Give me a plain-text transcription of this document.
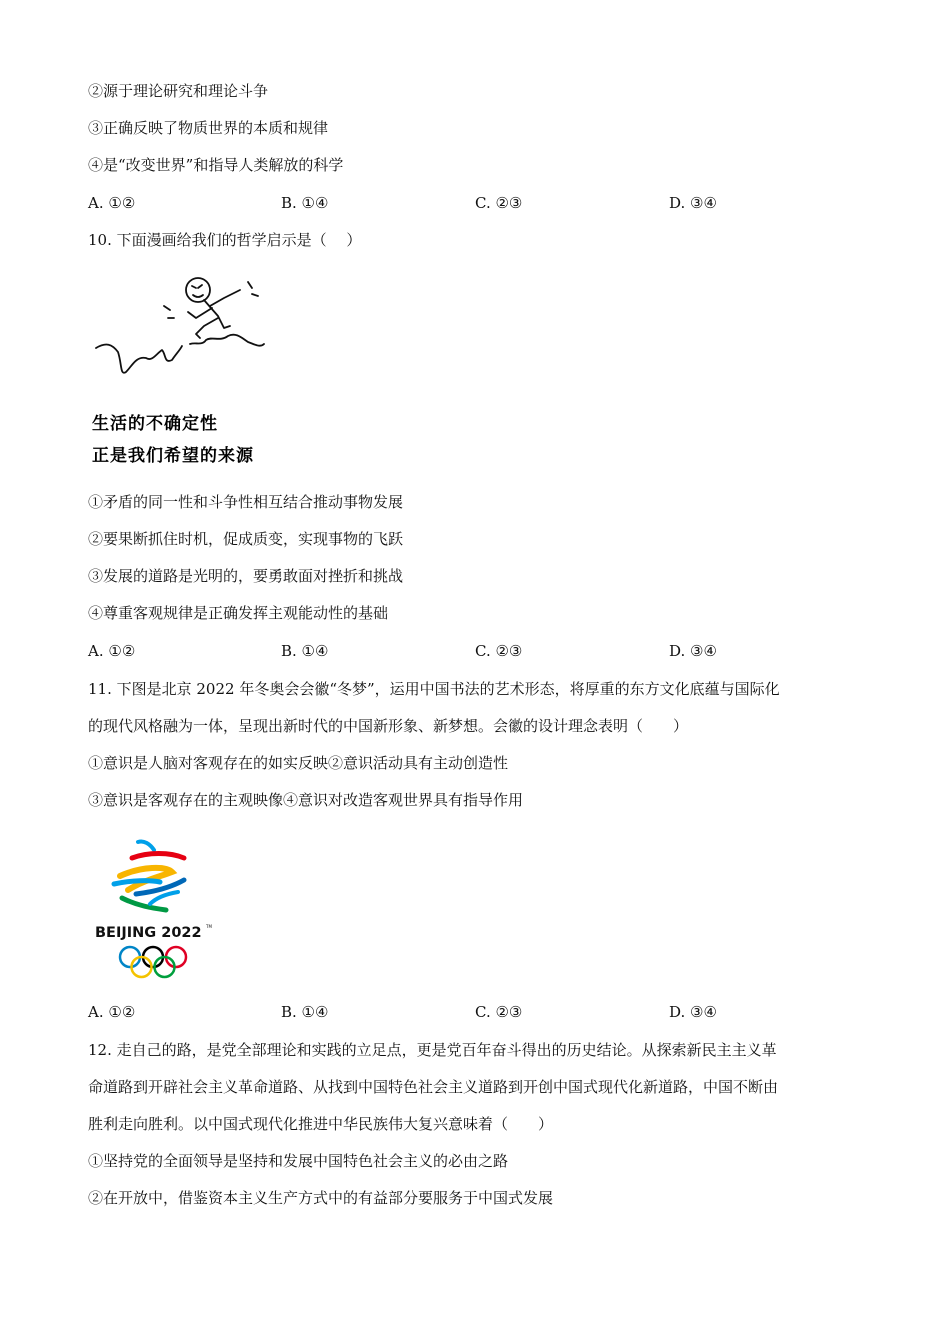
②源于理论研究和理论斗争
③正确反映了物质世界的本质和规律
④是“改变世界”和指导人类解放的科学
A. ①②	B. ①④	C. ②③	D. ③④
10. 下面漫画给我们的哲学启示是（　 ）
生活的不确定性
正是我们希望的来源
①矛盾的同一性和斗争性相互结合推动事物发展
②要果断抓住时机，促成质变，实现事物的飞跃
③发展的道路是光明的，要勇敢面对挫折和挑战
④尊重客观规律是正确发挥主观能动性的基础
A. ①②	B. ①④	C. ②③	D. ③④
11. 下图是北京 2022 年冬奥会会徽“冬梦”，运用中国书法的艺术形态，将厚重的东方文化底蕴与国际化
的现代风格融为一体，呈现出新时代的中国新形象、新梦想。会徽的设计理念表明（　　）
①意识是人脑对客观存在的如实反映②意识活动具有主动创造性
③意识是客观存在的主观映像④意识对改造客观世界具有指导作用
BEIJING 2022 TM
A. ①②	B. ①④	C. ②③	D. ③④
12. 走自己的路，是党全部理论和实践的立足点，更是党百年奋斗得出的历史结论。从探索新民主主义革
命道路到开辟社会主义革命道路、从找到中国特色社会主义道路到开创中国式现代化新道路，中国不断由
胜利走向胜利。以中国式现代化推进中华民族伟大复兴意味着（　　）
①坚持党的全面领导是坚持和发展中国特色社会主义的必由之路
②在开放中，借鉴资本主义生产方式中的有益部分要服务于中国式发展
